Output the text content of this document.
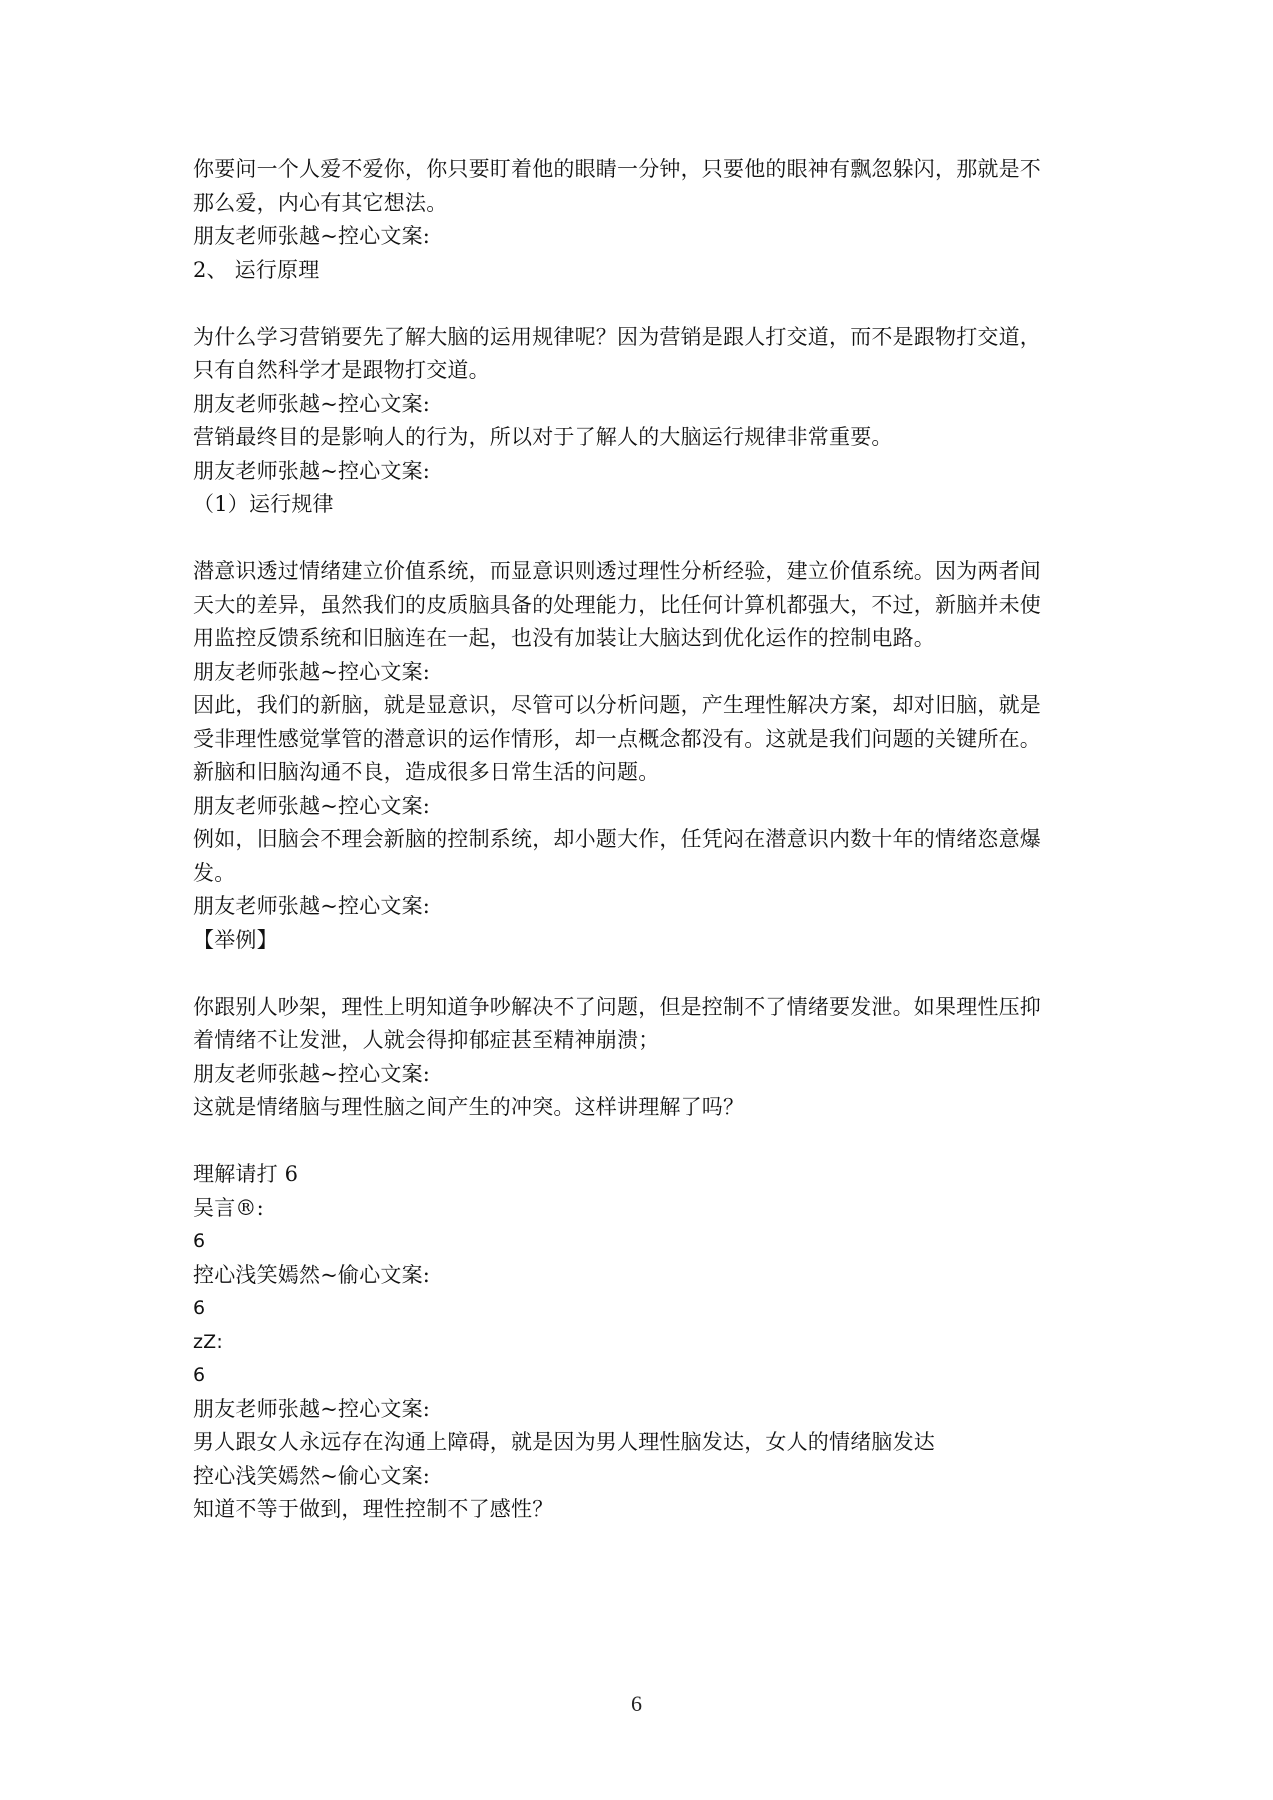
你要问一个人爱不爱你，你只要盯着他的眼睛一分钟，只要他的眼神有飘忽躲闪，那就是不
那么爱，内心有其它想法。
朋友老师张越~控心文案:
2、 运行原理
为什么学习营销要先了解大脑的运用规律呢？因为营销是跟人打交道，而不是跟物打交道，
只有自然科学才是跟物打交道。
朋友老师张越~控心文案:
营销最终目的是影响人的行为，所以对于了解人的大脑运行规律非常重要。
朋友老师张越~控心文案:
（1）运行规律
潜意识透过情绪建立价值系统，而显意识则透过理性分析经验，建立价值系统。因为两者间
天大的差异，虽然我们的皮质脑具备的处理能力，比任何计算机都强大，不过，新脑并未使
用监控反馈系统和旧脑连在一起，也没有加装让大脑达到优化运作的控制电路。
朋友老师张越~控心文案:
因此，我们的新脑，就是显意识，尽管可以分析问题，产生理性解决方案，却对旧脑，就是
受非理性感觉掌管的潜意识的运作情形，却一点概念都没有。这就是我们问题的关键所在。
新脑和旧脑沟通不良，造成很多日常生活的问题。
朋友老师张越~控心文案:
例如，旧脑会不理会新脑的控制系统，却小题大作，任凭闷在潜意识内数十年的情绪恣意爆
发。
朋友老师张越~控心文案:
【举例】
你跟别人吵架，理性上明知道争吵解决不了问题，但是控制不了情绪要发泄。如果理性压抑
着情绪不让发泄，人就会得抑郁症甚至精神崩溃；
朋友老师张越~控心文案:
这就是情绪脑与理性脑之间产生的冲突。这样讲理解了吗？
理解请打 6
吴言®:
6
控心浅笑嫣然~偷心文案:
6
zZ:
6
朋友老师张越~控心文案:
男人跟女人永远存在沟通上障碍，就是因为男人理性脑发达，女人的情绪脑发达
控心浅笑嫣然~偷心文案:
知道不等于做到，理性控制不了感性？
6
